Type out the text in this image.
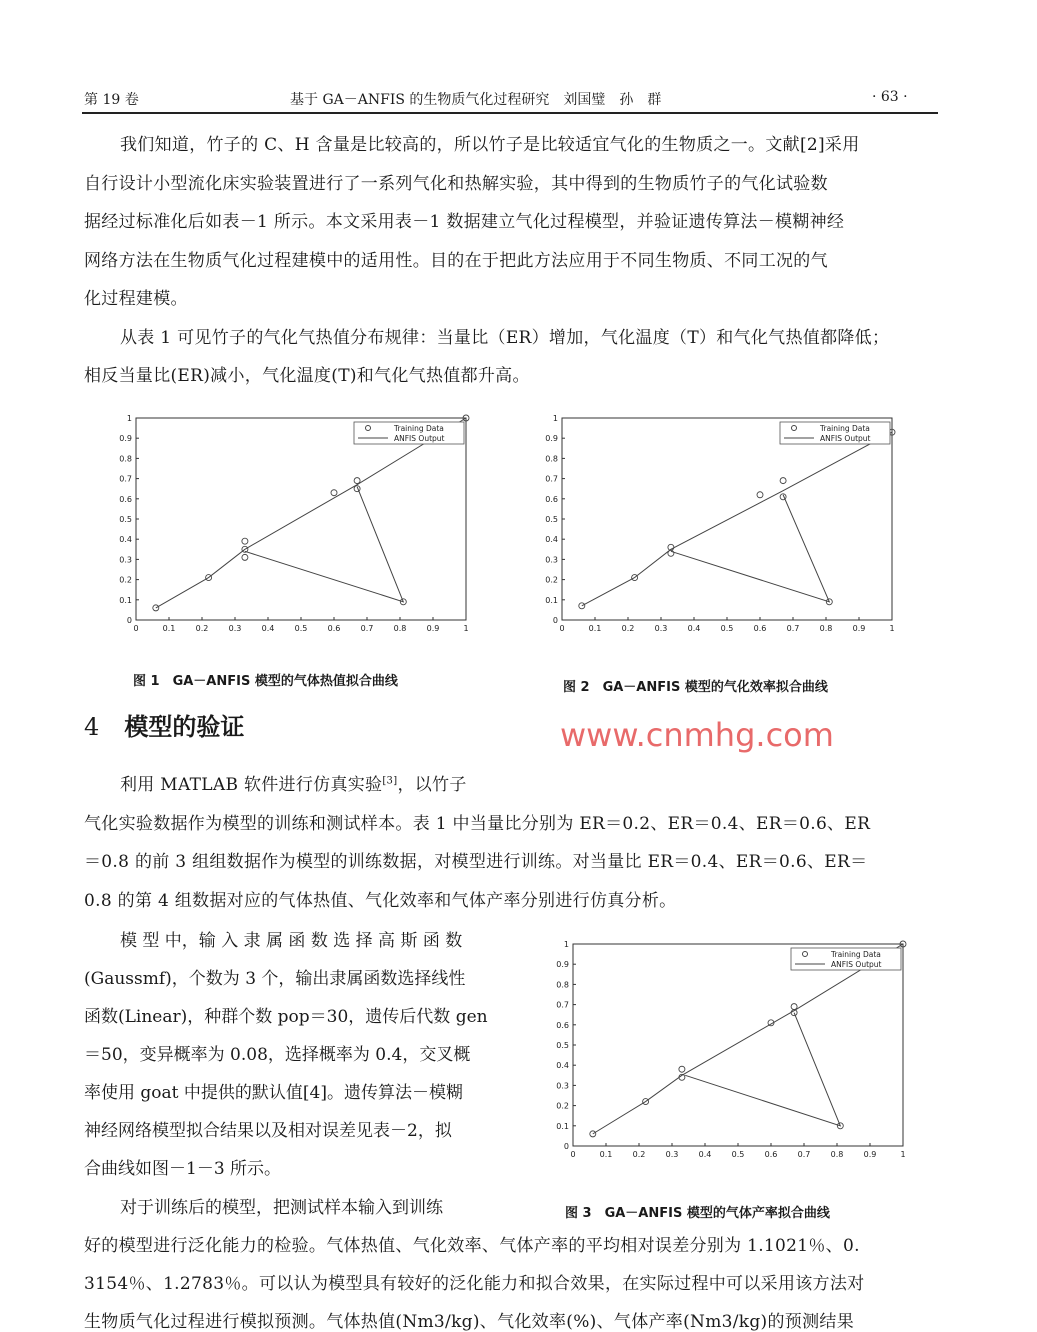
第 19 卷	基于 GA－ANFIS 的生物质气化过程研究　刘国璧　孙　群	· 63 ·
我们知道，竹子的 C、H 含量是比较高的，所以竹子是比较适宜气化的生物质之一。文献[2]采用
自行设计小型流化床实验装置进行了一系列气化和热解实验，其中得到的生物质竹子的气化试验数
据经过标准化后如表－1 所示。本文采用表－1 数据建立气化过程模型，并验证遗传算法－模糊神经
网络方法在生物质气化过程建模中的适用性。目的在于把此方法应用于不同生物质、不同工况的气
化过程建模。
从表 1 可见竹子的气化气热值分布规律：当量比（ER）增加，气化温度（T）和气化气热值都降低；
相反当量比(ER)减小，气化温度(T)和气化气热值都升高。
0	0.1	0.2	0.3	0.4	0.5	0.6	0.7	0.8	0.9	1
0
0.1
0.2
0.3
0.4
0.5
0.6
0.7
0.8
0.9
1
Training Data
ANFIS Output
0	0.1	0.2	0.3	0.4	0.5	0.6	0.7	0.8	0.9	1
0
0.1
0.2
0.3
0.4
0.5
0.6
0.7
0.8
0.9
1
Training Data
ANFIS Output
0	0.1	0.2	0.3	0.4	0.5	0.6	0.7	0.8	0.9	1
0
0.1
0.2
0.3
0.4
0.5
0.6
0.7
0.8
0.9
1
Training Data
ANFIS Output
图 1　GA－ANFIS 模型的气体热值拟合曲线	图 2　GA－ANFIS 模型的气化效率拟合曲线
4 模型的验证
利用 MATLAB 软件进行仿真实验[3]，以竹子
气化实验数据作为模型的训练和测试样本。表 1 中当量比分别为 ER＝0.2、ER＝0.4、ER＝0.6、ER
＝0.8 的前 3 组组数据作为模型的训练数据，对模型进行训练。对当量比 ER＝0.4、ER＝0.6、ER＝
0.8 的第 4 组数据对应的气体热值、气化效率和气体产率分别进行仿真分析。
模 型 中，输 入 隶 属 函 数 选 择 高 斯 函 数
(Gaussmf)，个数为 3 个，输出隶属函数选择线性
函数(Linear)，种群个数 pop＝30，遗传后代数 gen
＝50，变异概率为 0.08，选择概率为 0.4，交叉概
率使用 goat 中提供的默认值[4]。遗传算法－模糊
神经网络模型拟合结果以及相对误差见表－2，拟
合曲线如图－1－3 所示。
对于训练后的模型，把测试样本输入到训练	图 3　GA－ANFIS 模型的气体产率拟合曲线
好的模型进行泛化能力的检验。气体热值、气化效率、气体产率的平均相对误差分别为 1.1021％、0.
3154％、1.2783％。可以认为模型具有较好的泛化能力和拟合效果，在实际过程中可以采用该方法对
生物质气化过程进行模拟预测。气体热值(Nm3/kg)、气化效率(%)、气体产率(Nm3/kg)的预测结果
www.cnmhg.com
